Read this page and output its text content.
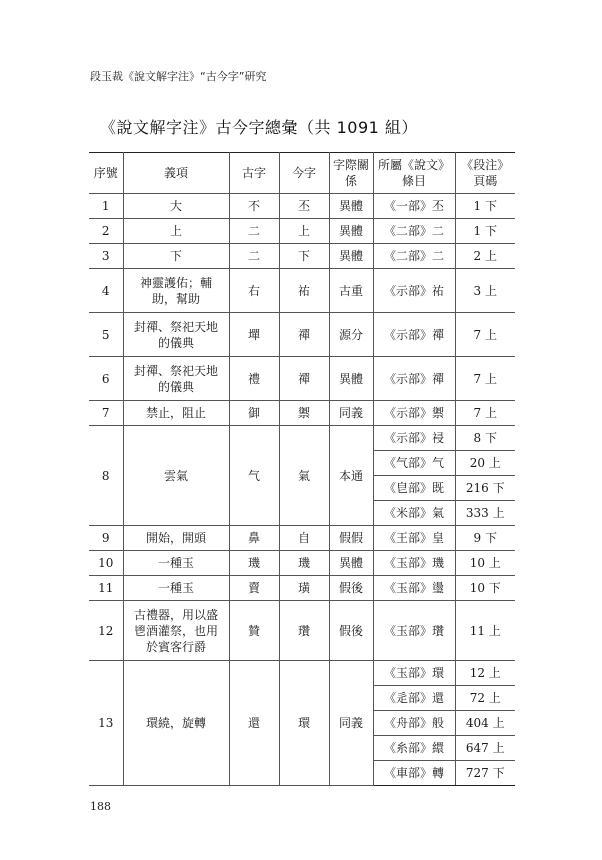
段玉裁《說文解字注》“古今字”研究
《說文解字注》古今字總彙（共 1091 組）
序號	義項	古字	今字	字際關係	所屬《說文》條目	《段注》頁碼
1	大	不	丕	異體	《一部》丕	1 下
2	上	二	上	異體	《二部》二	1 下
3	下	二	下	異體	《二部》二	2 上
4	神靈護佑；輔助，幫助	右	祐	古重	《示部》祐	3 上
5	封禪、祭祀天地的儀典	墠	禪	源分	《示部》禪	7 上
6	封禪、祭祀天地的儀典	禮	禪	異體	《示部》禪	7 上
7	禁止，阻止	御	禦	同義	《示部》禦	7 上
8	雲氣	气	氣	本通	《示部》祲	8 下
					《气部》气	20 上
					《皀部》既	216 下
					《米部》氣	333 上
9	開始，開頭	鼻	自	假假	《王部》皇	9 下
10	一種玉	璣	璣	異體	《玉部》璣	10 上
11	一種玉	賣	璜	假後	《玉部》璗	10 下
12	古禮器，用以盛鬯酒灌祭，也用於賓客行爵	贊	瓚	假後	《玉部》瓚	11 上
13	環繞，旋轉	還	環	同義	《玉部》環	12 上
					《辵部》還	72 上
					《舟部》般	404 上
					《糸部》繯	647 上
					《車部》轉	727 下
188
